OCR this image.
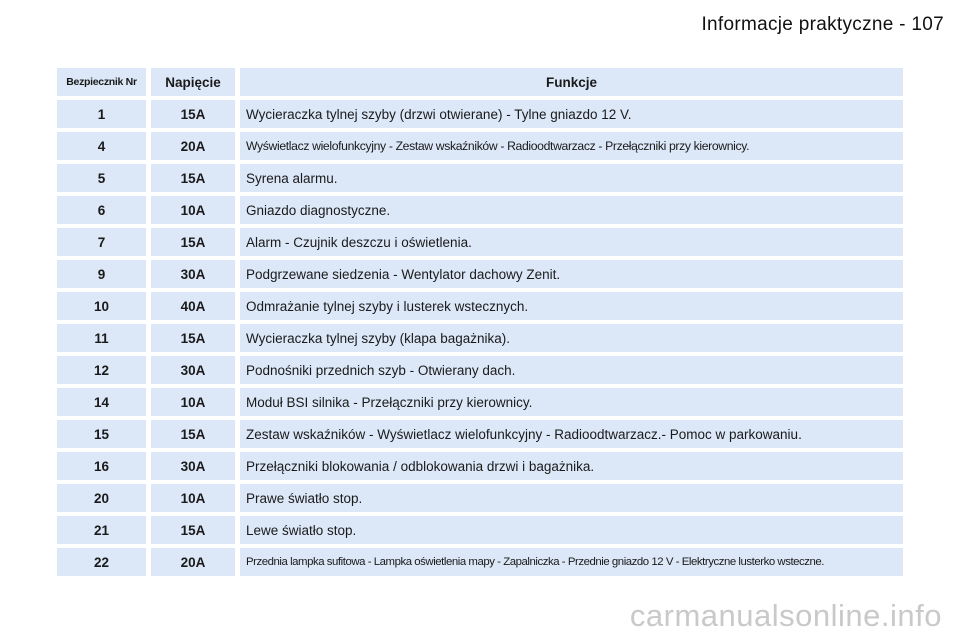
Informacje praktyczne - 107
Bezpiecznik Nr	Napięcie	Funkcje
1	15A	Wycieraczka tylnej szyby (drzwi otwierane) - Tylne gniazdo 12 V.
4	20A	Wyświetlacz wielofunkcyjny - Zestaw wskaźników - Radioodtwarzacz - Przełączniki przy kierownicy.
5	15A	Syrena alarmu.
6	10A	Gniazdo diagnostyczne.
7	15A	Alarm - Czujnik deszczu i oświetlenia.
9	30A	Podgrzewane siedzenia - Wentylator dachowy Zenit.
10	40A	Odmrażanie tylnej szyby i lusterek wstecznych.
11	15A	Wycieraczka tylnej szyby (klapa bagażnika).
12	30A	Podnośniki przednich szyb - Otwierany dach.
14	10A	Moduł BSI silnika - Przełączniki przy kierownicy.
15	15A	Zestaw wskaźników - Wyświetlacz wielofunkcyjny - Radioodtwarzacz.- Pomoc w parkowaniu.
16	30A	Przełączniki blokowania / odblokowania drzwi i bagażnika.
20	10A	Prawe światło stop.
21	15A	Lewe światło stop.
22	20A	Przednia lampka sufitowa - Lampka oświetlenia mapy - Zapalniczka - Przednie gniazdo 12 V - Elektryczne lusterko wsteczne.
carmanualsonline.info
